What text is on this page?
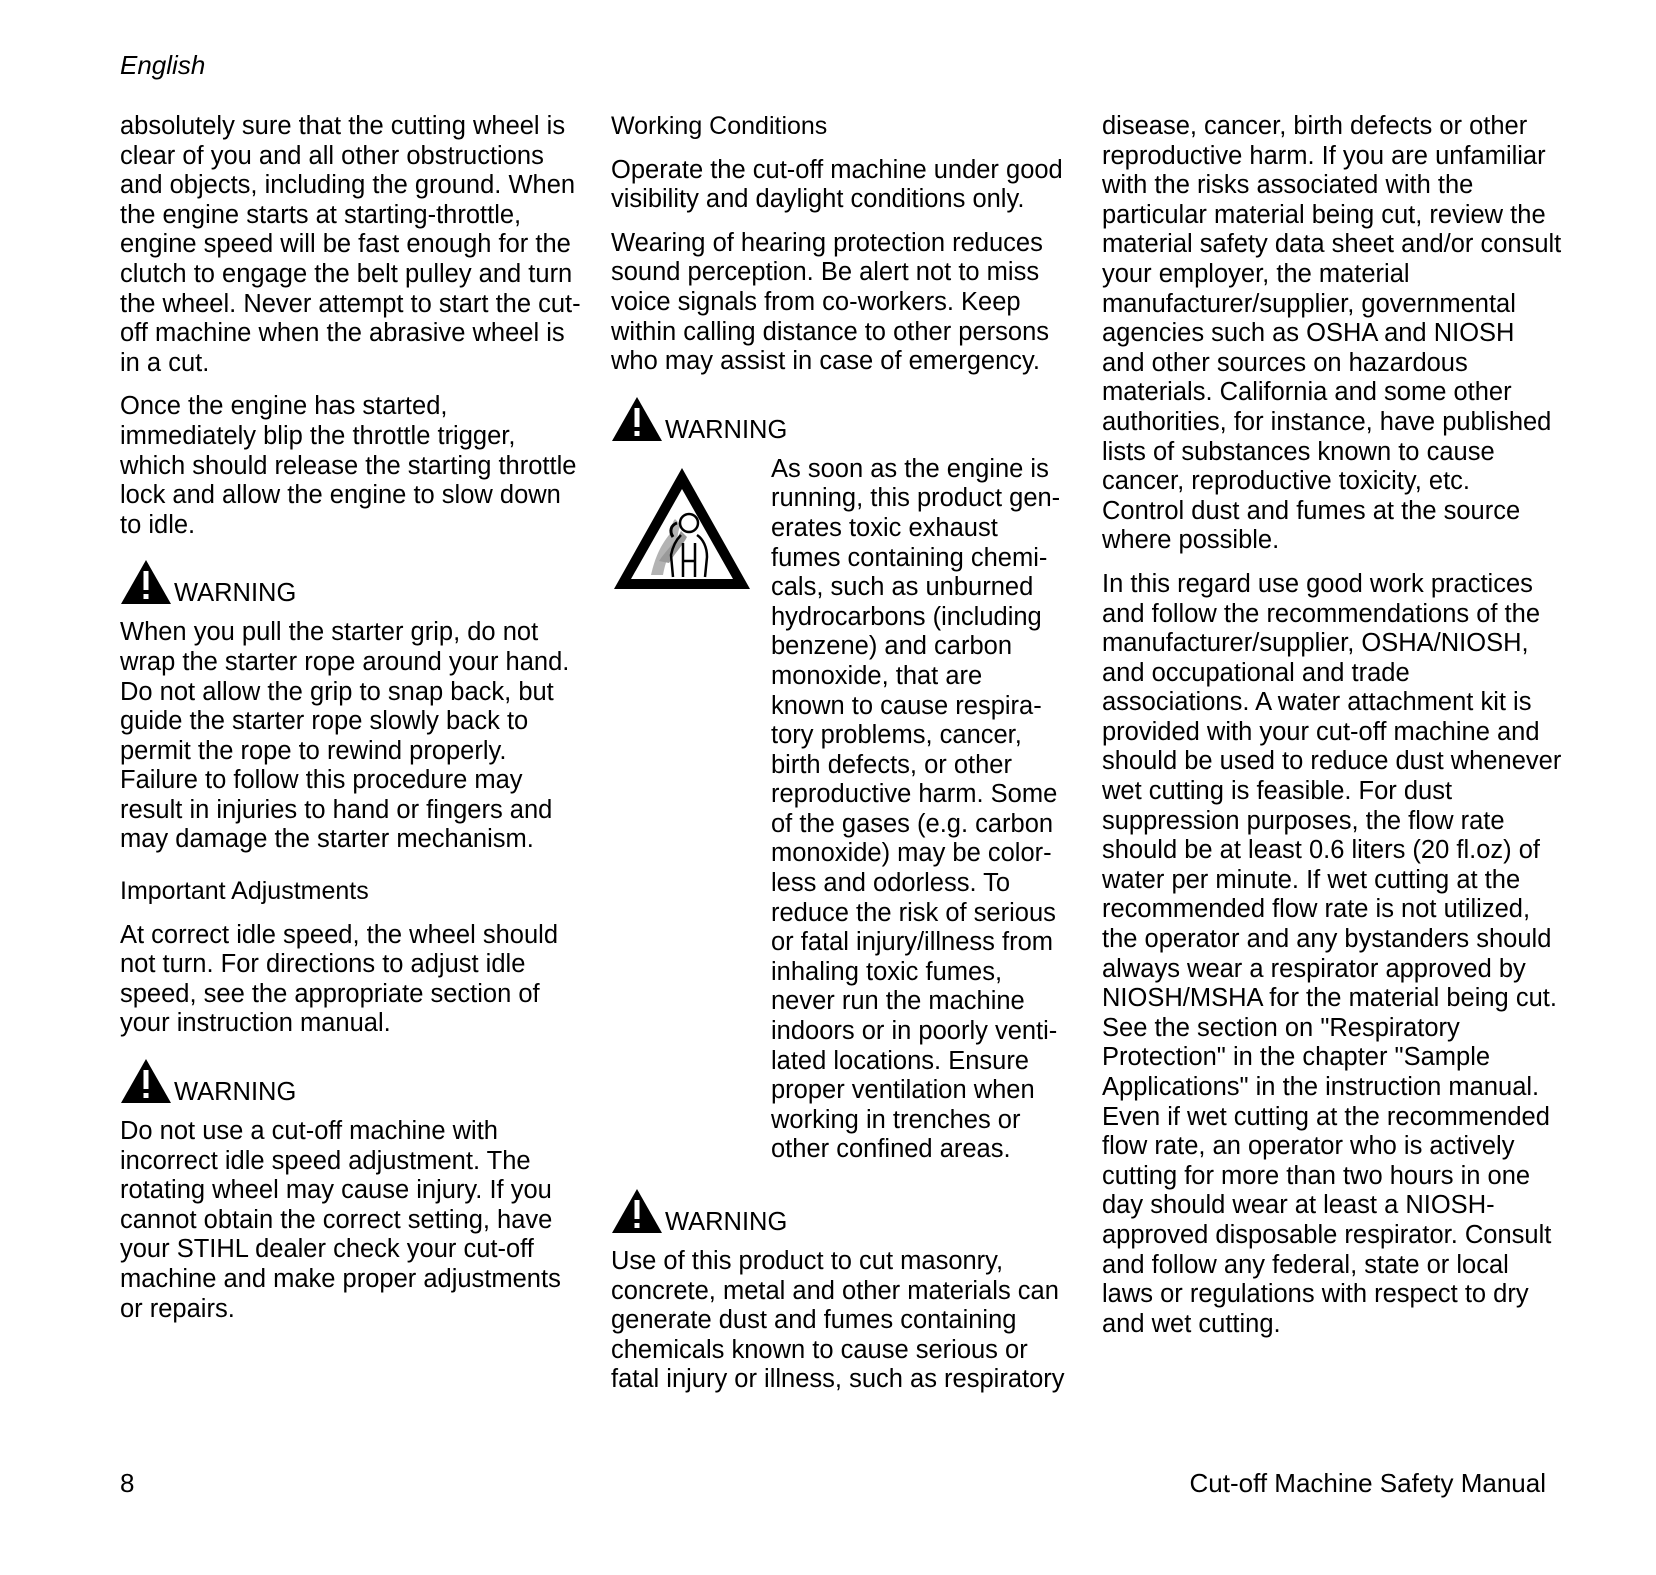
English

absolutely sure that the cutting wheel is
clear of you and all other obstructions
and objects, including the ground. When
the engine starts at starting-throttle,
engine speed will be fast enough for the
clutch to engage the belt pulley and turn
the wheel. Never attempt to start the cut-
off machine when the abrasive wheel is
in a cut.

Once the engine has started,
immediately blip the throttle trigger,
which should release the starting throttle
lock and allow the engine to slow down
to idle.

WARNING

When you pull the starter grip, do not
wrap the starter rope around your hand.
Do not allow the grip to snap back, but
guide the starter rope slowly back to
permit the rope to rewind properly.
Failure to follow this procedure may
result in injuries to hand or fingers and
may damage the starter mechanism.

Important Adjustments

At correct idle speed, the wheel should
not turn. For directions to adjust idle
speed, see the appropriate section of
your instruction manual.

WARNING

Do not use a cut-off machine with
incorrect idle speed adjustment. The
rotating wheel may cause injury. If you
cannot obtain the correct setting, have
your STIHL dealer check your cut-off
machine and make proper adjustments
or repairs.

Working Conditions

Operate the cut-off machine under good
visibility and daylight conditions only.

Wearing of hearing protection reduces
sound perception. Be alert not to miss
voice signals from co-workers. Keep
within calling distance to other persons
who may assist in case of emergency.

WARNING
As soon as the engine is
running, this product gen-
erates toxic exhaust
fumes containing chemi-
cals, such as unburned
hydrocarbons (including
benzene) and carbon
monoxide, that are
known to cause respira-
tory problems, cancer,
birth defects, or other
reproductive harm. Some
of the gases (e.g. carbon
monoxide) may be color-
less and odorless. To
reduce the risk of serious
or fatal injury/illness from
inhaling toxic fumes,
never run the machine
indoors or in poorly venti-
lated locations. Ensure
proper ventilation when
working in trenches or
other confined areas.
WARNING

Use of this product to cut masonry,
concrete, metal and other materials can
generate dust and fumes containing
chemicals known to cause serious or
fatal injury or illness, such as respiratory

disease, cancer, birth defects or other
reproductive harm. If you are unfamiliar
with the risks associated with the
particular material being cut, review the
material safety data sheet and/or consult
your employer, the material
manufacturer/supplier, governmental
agencies such as OSHA and NIOSH
and other sources on hazardous
materials. California and some other
authorities, for instance, have published
lists of substances known to cause
cancer, reproductive toxicity, etc.
Control dust and fumes at the source
where possible.

In this regard use good work practices
and follow the recommendations of the
manufacturer/supplier, OSHA/NIOSH,
and occupational and trade
associations. A water attachment kit is
provided with your cut-off machine and
should be used to reduce dust whenever
wet cutting is feasible. For dust
suppression purposes, the flow rate
should be at least 0.6 liters (20 fl.oz) of
water per minute. If wet cutting at the
recommended flow rate is not utilized,
the operator and any bystanders should
always wear a respirator approved by
NIOSH/MSHA for the material being cut.
See the section on "Respiratory
Protection" in the chapter "Sample
Applications" in the instruction manual.
Even if wet cutting at the recommended
flow rate, an operator who is actively
cutting for more than two hours in one
day should wear at least a NIOSH-
approved disposable respirator. Consult
and follow any federal, state or local
laws or regulations with respect to dry
and wet cutting.

8	Cut-off Machine Safety Manual
